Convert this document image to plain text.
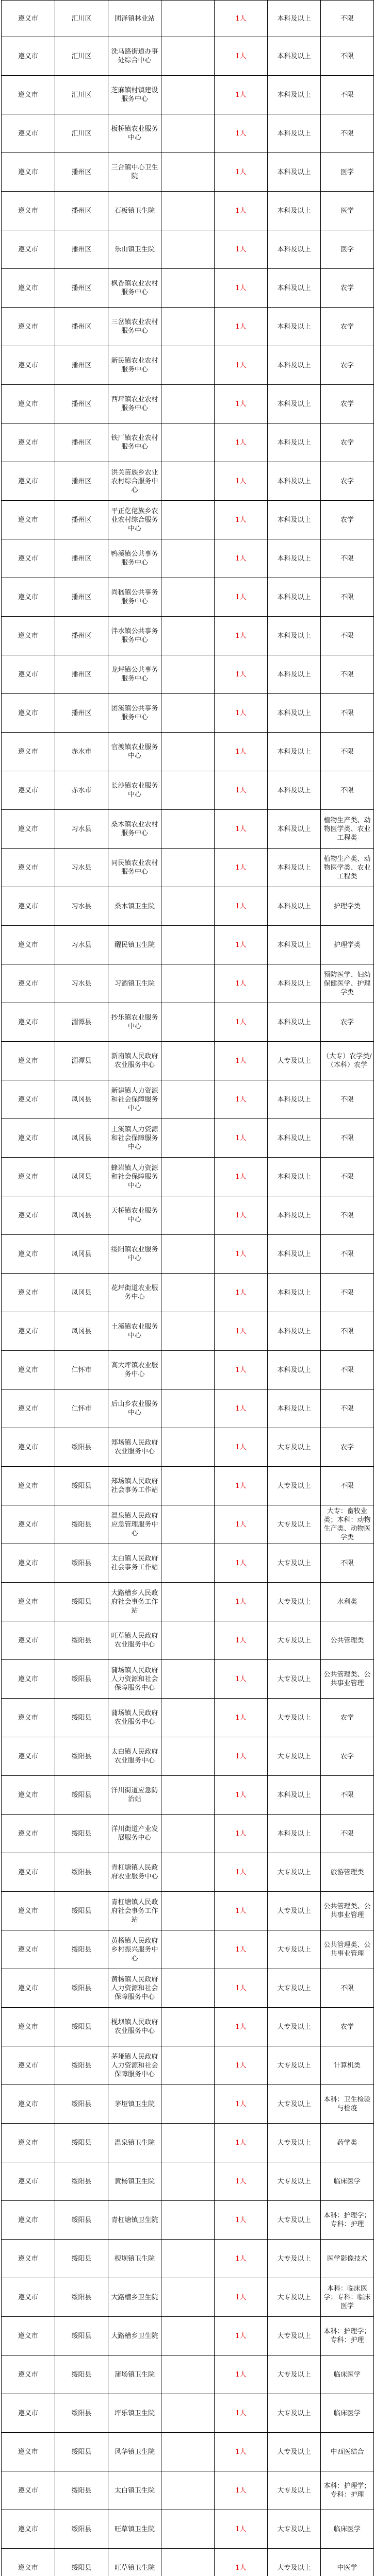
遵义市	汇川区	团泽镇林业站		1人	本科及以上	不限
遵义市	汇川区	洗马路街道办事处综合中心		1人	本科及以上	不限
遵义市	汇川区	芝麻镇村镇建设服务中心		1人	本科及以上	不限
遵义市	汇川区	板桥镇农业服务中心		1人	本科及以上	不限
遵义市	播州区	三合镇中心卫生院		1人	本科及以上	医学
遵义市	播州区	石板镇卫生院		1人	本科及以上	医学
遵义市	播州区	乐山镇卫生院		1人	本科及以上	医学
遵义市	播州区	枫香镇农业农村服务中心		1人	本科及以上	农学
遵义市	播州区	三岔镇农业农村服务中心		1人	本科及以上	农学
遵义市	播州区	新民镇农业农村服务中心		1人	本科及以上	农学
遵义市	播州区	西坪镇农业农村服务中心		1人	本科及以上	农学
遵义市	播州区	铁厂镇农业农村服务中心		1人	本科及以上	农学
遵义市	播州区	洪关苗族乡农业农村综合服务中心		1人	本科及以上	农学
遵义市	播州区	平正仡佬族乡农业农村综合服务中心		1人	本科及以上	农学
遵义市	播州区	鸭溪镇公共事务服务中心		1人	本科及以上	不限
遵义市	播州区	尚嵇镇公共事务服务中心		1人	本科及以上	不限
遵义市	播州区	泮水镇公共事务服务中心		1人	本科及以上	不限
遵义市	播州区	龙坪镇公共事务服务中心		1人	本科及以上	不限
遵义市	播州区	团溪镇公共事务服务中心		1人	本科及以上	不限
遵义市	赤水市	官渡镇农业服务中心		1人	本科及以上	不限
遵义市	赤水市	长沙镇农业服务中心		1人	本科及以上	不限
遵义市	习水县	桑木镇农业农村服务中心		1人	本科及以上	植物生产类、动物医学类、农业工程类
遵义市	习水县	同民镇农业农村服务中心		1人	本科及以上	植物生产类、动物医学类、农业工程类
遵义市	习水县	桑木镇卫生院		1人	本科及以上	护理学类
遵义市	习水县	醒民镇卫生院		1人	本科及以上	护理学类
遵义市	习水县	习酒镇卫生院		1人	本科及以上	预防医学、妇幼保健医学、护理学类
遵义市	湄潭县	抄乐镇农业服务中心		1人	本科及以上	农学
遵义市	湄潭县	新南镇人民政府农业服务中心		1人	大专及以上	（大专）农学类/（本科）农学
遵义市	凤冈县	新建镇人力资源和社会保障服务中心		1人	本科及以上	不限
遵义市	凤冈县	土溪镇人力资源和社会保障服务中心		1人	本科及以上	不限
遵义市	凤冈县	蜂岩镇人力资源和社会保障服务中心		1人	本科及以上	不限
遵义市	凤冈县	天桥镇农业服务中心		1人	本科及以上	不限
遵义市	凤冈县	绥阳镇农业服务中心		1人	本科及以上	不限
遵义市	凤冈县	花坪街道农业服务中心		1人	本科及以上	不限
遵义市	凤冈县	土溪镇农业服务中心		1人	本科及以上	不限
遵义市	仁怀市	高大坪镇农业服务中心		1人	本科及以上	不限
遵义市	仁怀市	后山乡农业服务中心		1人	本科及以上	不限
遵义市	绥阳县	郑场镇人民政府农业服务中心		1人	大专及以上	农学
遵义市	绥阳县	郑场镇人民政府社会事务工作站		1人	大专及以上	不限
遵义市	绥阳县	温泉镇人民政府应急管理服务中心		1人	大专及以上	大专：畜牧业类；本科：动物生产类、动物医学类
遵义市	绥阳县	太白镇人民政府社会事务工作站		1人	大专及以上	不限
遵义市	绥阳县	大路槽乡人民政府社会事务工作站		1人	大专及以上	水利类
遵义市	绥阳县	旺草镇人民政府农业服务中心		1人	大专及以上	公共管理类
遵义市	绥阳县	蒲场镇人民政府人力资源和社会保障服务中心		1人	大专及以上	公共管理类、公共事业管理
遵义市	绥阳县	蒲场镇人民政府农业服务中心		1人	大专及以上	农学
遵义市	绥阳县	太白镇人民政府农业服务中心		1人	大专及以上	农学
遵义市	绥阳县	洋川街道应急防治站		1人	本科及以上	不限
遵义市	绥阳县	洋川街道产业发展服务中心		1人	本科及以上	不限
遵义市	绥阳县	青杠塘镇人民政府农业服务中心		1人	大专及以上	旅游管理类
遵义市	绥阳县	青杠塘镇人民政府社会事务工作站		1人	大专及以上	公共管理类、公共事业管理
遵义市	绥阳县	黄杨镇人民政府乡村振兴服务中心		1人	大专及以上	公共管理类、公共事业管理
遵义市	绥阳县	黄杨镇人民政府人力资源和社会保障服务中心		1人	大专及以上	不限
遵义市	绥阳县	枧坝镇人民政府农业服务中心		1人	大专及以上	农学
遵义市	绥阳县	茅垭镇人民政府人力资源和社会保障服务中心		1人	大专及以上	计算机类
遵义市	绥阳县	茅垭镇卫生院		1人	大专及以上	本科：卫生检验与检疫
遵义市	绥阳县	温泉镇卫生院		1人	大专及以上	药学类
遵义市	绥阳县	黄杨镇卫生院		1人	大专及以上	临床医学
遵义市	绥阳县	青杠塘镇卫生院		1人	大专及以上	本科：护理学；专科：护理
遵义市	绥阳县	枧坝镇卫生院		1人	大专及以上	医学影像技术
遵义市	绥阳县	大路槽乡卫生院		1人	大专及以上	本科：临床医学；专科：临床医学
遵义市	绥阳县	大路槽乡卫生院		1人	大专及以上	本科：护理学；专科：护理
遵义市	绥阳县	蒲场镇卫生院		1人	大专及以上	临床医学
遵义市	绥阳县	坪乐镇卫生院		1人	大专及以上	临床医学
遵义市	绥阳县	风华镇卫生院		1人	大专及以上	中西医结合
遵义市	绥阳县	太白镇卫生院		1人	大专及以上	本科：护理学；专科：护理
遵义市	绥阳县	旺草镇卫生院		1人	大专及以上	临床医学
遵义市	绥阳县	旺草镇卫生院		1人	大专及以上	中医学
